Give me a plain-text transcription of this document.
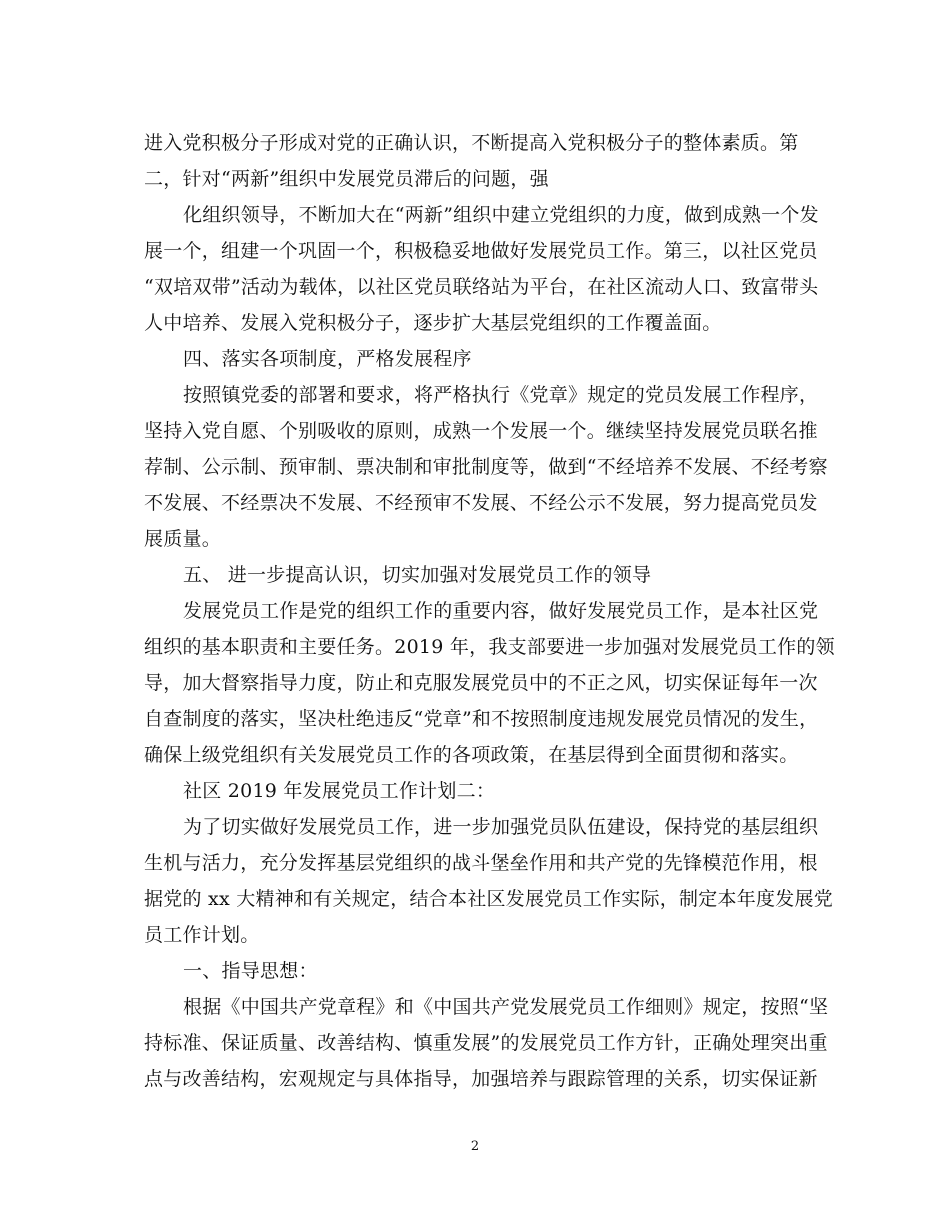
进入党积极分子形成对党的正确认识，不断提高入党积极分子的整体素质。第
二，针对“两新”组织中发展党员滞后的问题，强
化组织领导，不断加大在“两新”组织中建立党组织的力度，做到成熟一个发
展一个，组建一个巩固一个，积极稳妥地做好发展党员工作。第三，以社区党员
“双培双带”活动为载体，以社区党员联络站为平台，在社区流动人口、致富带头
人中培养、发展入党积极分子，逐步扩大基层党组织的工作覆盖面。
四、落实各项制度，严格发展程序
按照镇党委的部署和要求，将严格执行《党章》规定的党员发展工作程序，
坚持入党自愿、个别吸收的原则，成熟一个发展一个。继续坚持发展党员联名推
荐制、公示制、预审制、票决制和审批制度等，做到“不经培养不发展、不经考察
不发展、不经票决不发展、不经预审不发展、不经公示不发展，努力提高党员发
展质量。
五、 进一步提高认识，切实加强对发展党员工作的领导
发展党员工作是党的组织工作的重要内容，做好发展党员工作，是本社区党
组织的基本职责和主要任务。2019 年，我支部要进一步加强对发展党员工作的领
导，加大督察指导力度，防止和克服发展党员中的不正之风，切实保证每年一次
自查制度的落实，坚决杜绝违反“党章”和不按照制度违规发展党员情况的发生，
确保上级党组织有关发展党员工作的各项政策，在基层得到全面贯彻和落实。
社区 2019 年发展党员工作计划二：
为了切实做好发展党员工作，进一步加强党员队伍建设，保持党的基层组织
生机与活力，充分发挥基层党组织的战斗堡垒作用和共产党的先锋模范作用，根
据党的 xx 大精神和有关规定，结合本社区发展党员工作实际，制定本年度发展党
员工作计划。
一、指导思想：
根据《中国共产党章程》和《中国共产党发展党员工作细则》规定，按照“坚
持标准、保证质量、改善结构、慎重发展”的发展党员工作方针，正确处理突出重
点与改善结构，宏观规定与具体指导，加强培养与跟踪管理的关系，切实保证新
2
